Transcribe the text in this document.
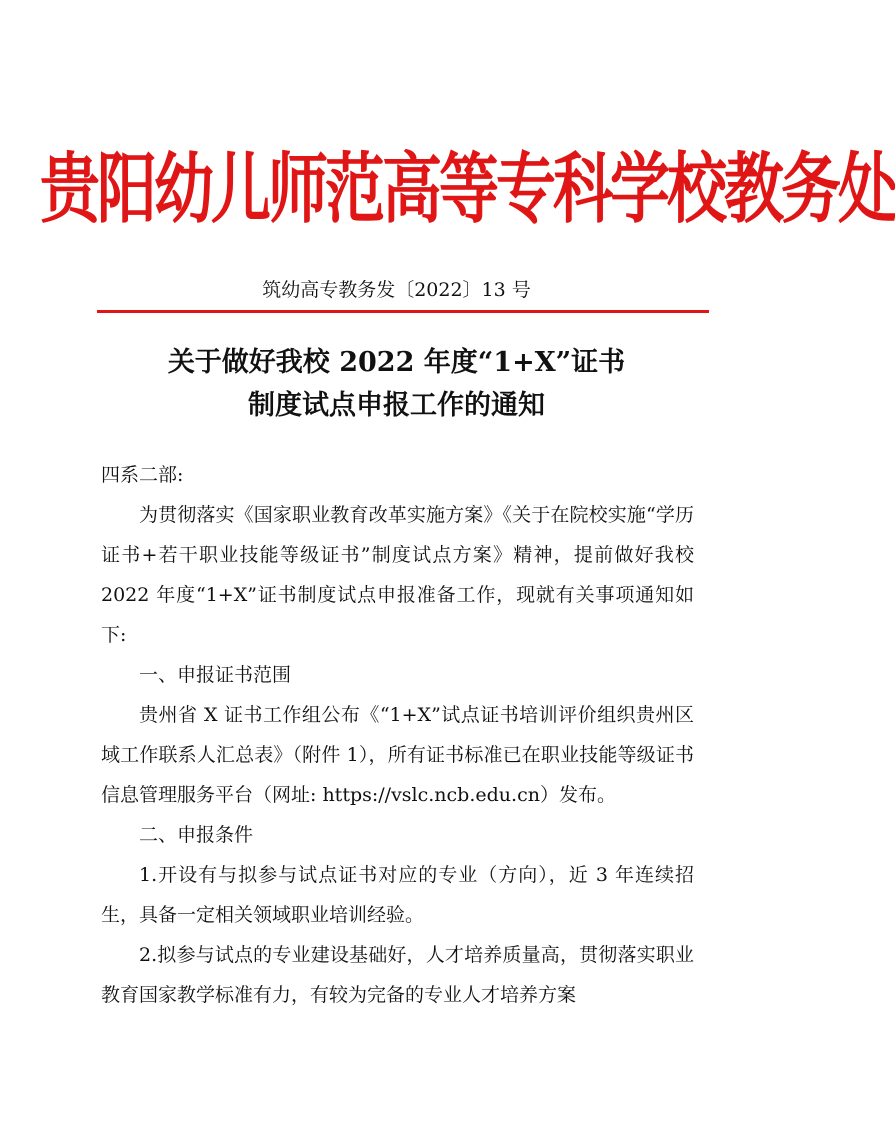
贵阳幼儿师范高等专科学校教务处
筑幼高专教务发〔2022〕13 号
关于做好我校 2022 年度“1+X”证书
制度试点申报工作的通知

四系二部:

为贯彻落实《国家职业教育改革实施方案》《关于在院校实施“学历证书+若干职业技能等级证书”制度试点方案》精神，提前做好我校 2022 年度“1+X”证书制度试点申报准备工作，现就有关事项通知如下:

一、申报证书范围

贵州省 X 证书工作组公布《“1+X”试点证书培训评价组织贵州区域工作联系人汇总表》（附件 1），所有证书标准已在职业技能等级证书信息管理服务平台（网址: https://vslc.ncb.edu.cn）发布。

二、申报条件

1.开设有与拟参与试点证书对应的专业（方向），近 3 年连续招生，具备一定相关领域职业培训经验。

2.拟参与试点的专业建设基础好，人才培养质量高，贯彻落实职业教育国家教学标准有力，有较为完备的专业人才培养方案
